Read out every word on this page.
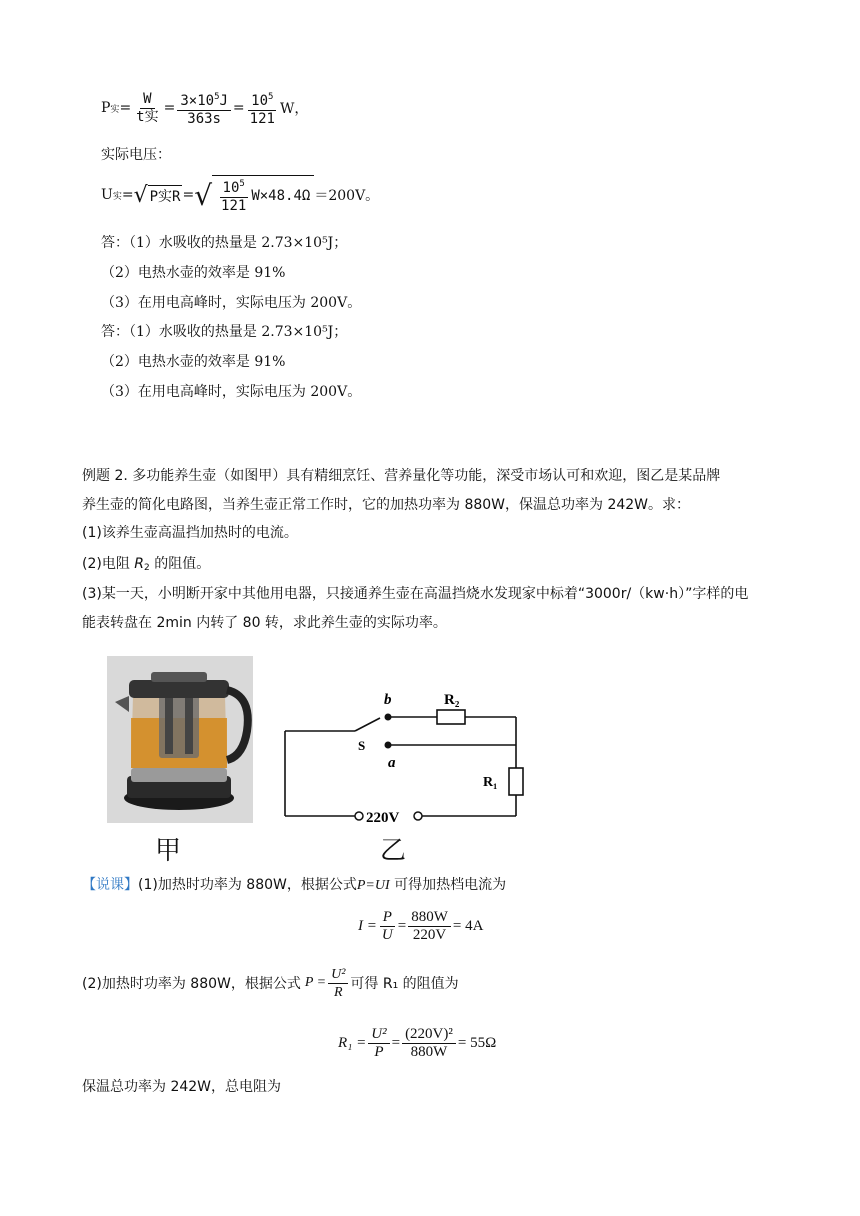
P 实 = $\frac{W}{\text{t实}} = \frac{3\times 10^5J}{363s} = \frac{10^5}{121}$ W，
实际电压：
U 实 = √ P实R = √ $\frac{10^5}{121} W\times 48.4\Omega =200V$。
答：（1）水吸收的热量是 2.73×10⁵J；
（2）电热水壶的效率是 91%
（3）在用电高峰时，实际电压为 200V。
答：（1）水吸收的热量是 2.73×10⁵J；
（2）电热水壶的效率是 91%
（3）在用电高峰时，实际电压为 200V。
例题 2. 多功能养生壶（如图甲）具有精细烹饪、营养量化等功能，深受市场认可和欢迎，图乙是某品牌
养生壶的简化电路图，当养生壶正常工作时，它的加热功率为 880W，保温总功率为 242W。求：
(1)该养生壶高温挡加热时的电流。
(2)电阻 $R_2$ 的阻值。
(3)某一天，小明断开家中其他用电器，只接通养生壶在高温挡烧水发现家中标着“3000r/（kw·h）”字样的电
能表转盘在 2min 内转了 80 转，求此养生壶的实际功率。
甲
b
a
S
R₂
R₁
220V
乙
【说课】(1)加热时功率为 880W，根据公式P=UI 可得加热档电流为
$I = \frac{P}{U} = \frac{880W}{220V} = 4A$
(2)加热时功率为 880W，根据公式 $P = \frac{\text{U²}}{R}$ 可得 R₁ 的阻值为
$R_1 = \frac{\text{U²}}{P} = \frac{\text{(220V)²}}{880W} = 55\Omega$
保温总功率为 242W，总电阻为
